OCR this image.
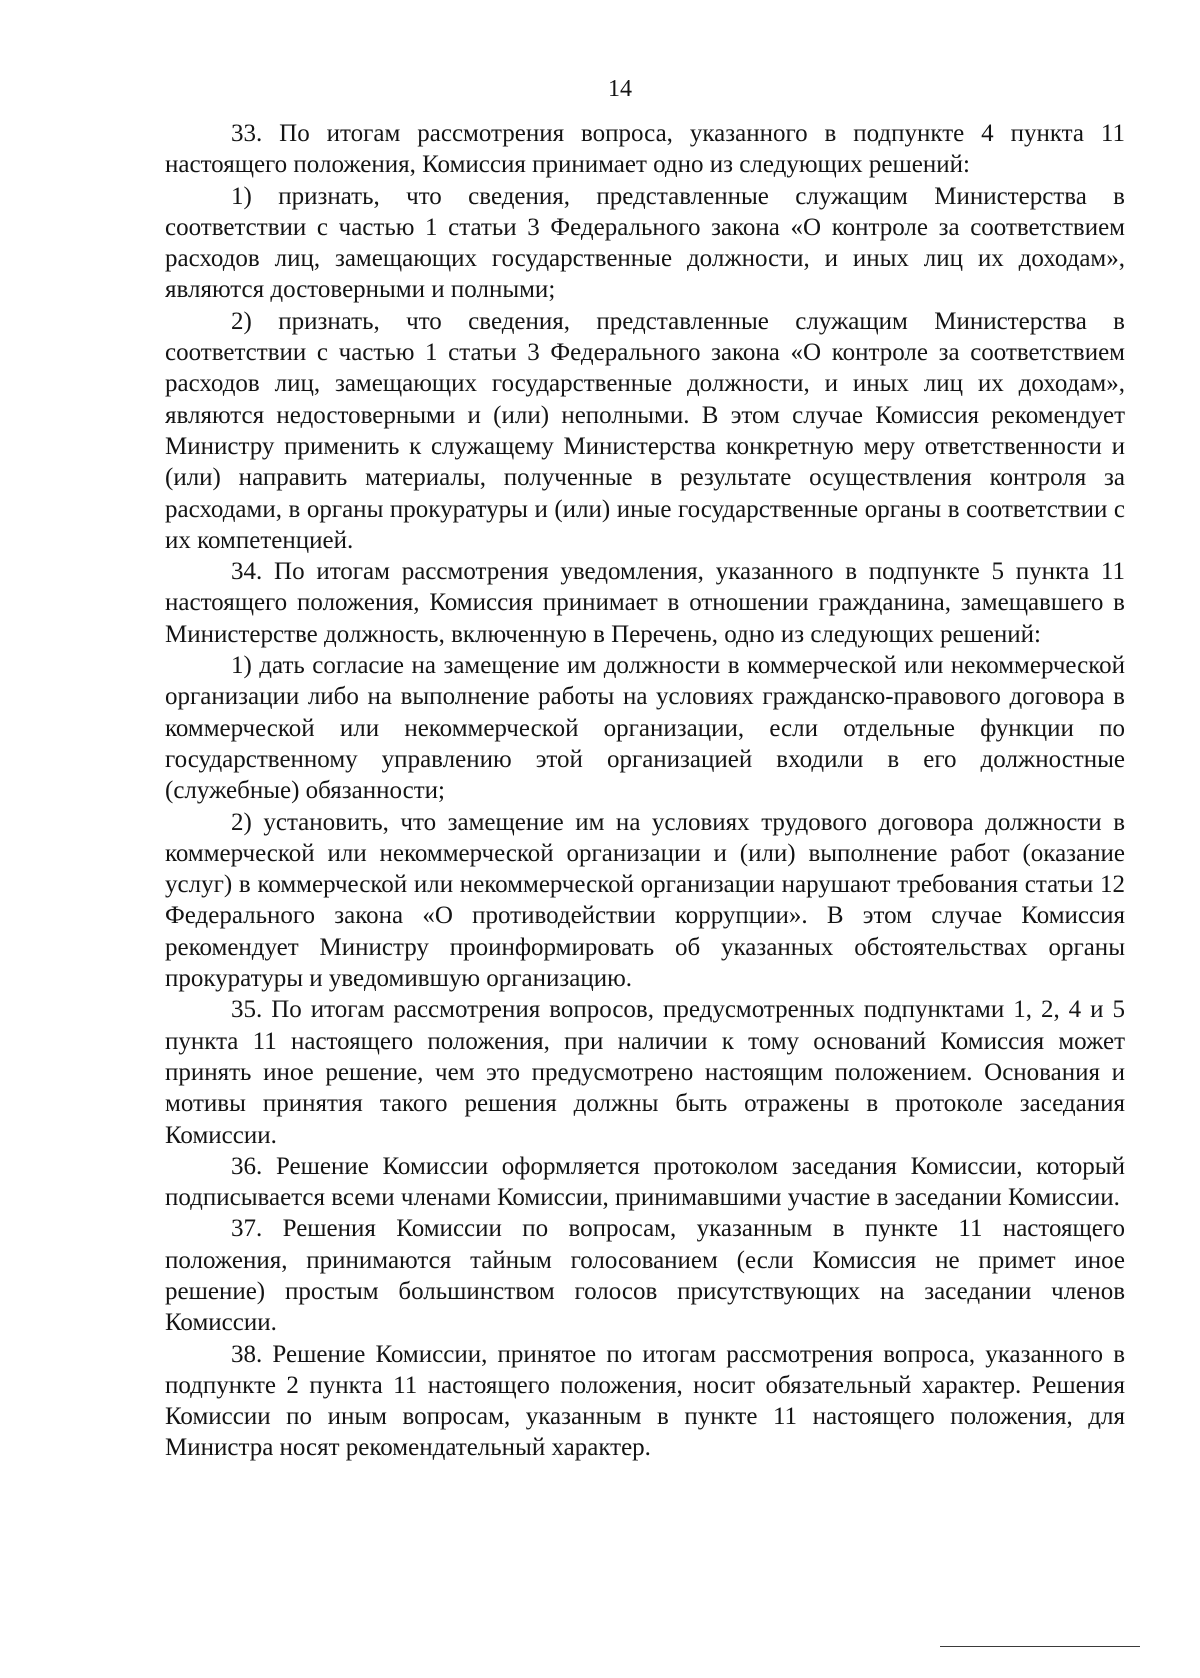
14

33. По итогам рассмотрения вопроса, указанного в подпункте 4 пункта 11 настоящего положения, Комиссия принимает одно из следующих решений:

1) признать, что сведения, представленные служащим Министерства в соответствии с частью 1 статьи 3 Федерального закона «О контроле за соответствием расходов лиц, замещающих государственные должности, и иных лиц их доходам», являются достоверными и полными;

2) признать, что сведения, представленные служащим Министерства в соответствии с частью 1 статьи 3 Федерального закона «О контроле за соответствием расходов лиц, замещающих государственные должности, и иных лиц их доходам», являются недостоверными и (или) неполными. В этом случае Комиссия рекомендует Министру применить к служащему Министерства конкретную меру ответственности и (или) направить материалы, полученные в результате осуществления контроля за расходами, в органы прокуратуры и (или) иные государственные органы в соответствии с их компетенцией.

34. По итогам рассмотрения уведомления, указанного в подпункте 5 пункта 11 настоящего положения, Комиссия принимает в отношении гражданина, замещавшего в Министерстве должность, включенную в Перечень, одно из следующих решений:

1) дать согласие на замещение им должности в коммерческой или некоммерческой организации либо на выполнение работы на условиях гражданско-правового договора в коммерческой или некоммерческой организации, если отдельные функции по государственному управлению этой организацией входили в его должностные (служебные) обязанности;

2) установить, что замещение им на условиях трудового договора должности в коммерческой или некоммерческой организации и (или) выполнение работ (оказание услуг) в коммерческой или некоммерческой организации нарушают требования статьи 12 Федерального закона «О противодействии коррупции». В этом случае Комиссия рекомендует Министру проинформировать об указанных обстоятельствах органы прокуратуры и уведомившую организацию.

35. По итогам рассмотрения вопросов, предусмотренных подпунктами 1, 2, 4 и 5 пункта 11 настоящего положения, при наличии к тому оснований Комиссия может принять иное решение, чем это предусмотрено настоящим положением. Основания и мотивы принятия такого решения должны быть отражены в протоколе заседания Комиссии.

36. Решение Комиссии оформляется протоколом заседания Комиссии, который подписывается всеми членами Комиссии, принимавшими участие в заседании Комиссии.

37. Решения Комиссии по вопросам, указанным в пункте 11 настоящего положения, принимаются тайным голосованием (если Комиссия не примет иное решение) простым большинством голосов присутствующих на заседании членов Комиссии.

38. Решение Комиссии, принятое по итогам рассмотрения вопроса, указанного в подпункте 2 пункта 11 настоящего положения, носит обязательный характер. Решения Комиссии по иным вопросам, указанным в пункте 11 настоящего положения, для Министра носят рекомендательный характер.
